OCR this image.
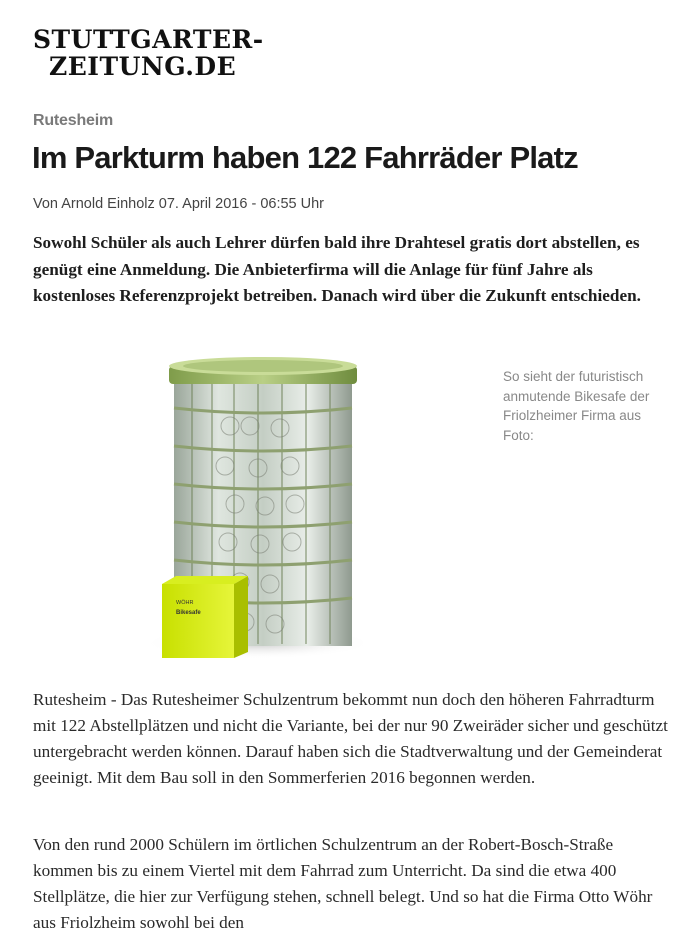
STUTTGARTER-
ZEITUNG.DE
Rutesheim
Im Parkturm haben 122 Fahrräder Platz
Von Arnold Einholz 07. April 2016 - 06:55 Uhr

Sowohl Schüler als auch Lehrer dürfen bald ihre Drahtesel gratis dort abstellen, es genügt eine Anmeldung. Die Anbieterfirma will die Anlage für fünf Jahre als kostenloses Referenzprojekt betreiben. Danach wird über die Zukunft entschieden.

WÖHR
Bikesafe
So sieht der futuristisch anmutende Bikesafe der Friolzheimer Firma aus Foto:

Rutesheim - Das Rutesheimer Schulzentrum bekommt nun doch den höheren Fahrradturm mit 122 Abstellplätzen und nicht die Variante, bei der nur 90 Zweiräder sicher und geschützt untergebracht werden können. Darauf haben sich die Stadtverwaltung und der Gemeinderat geeinigt. Mit dem Bau soll in den Sommerferien 2016 begonnen werden.

Von den rund 2000 Schülern im örtlichen Schulzentrum an der Robert-Bosch-Straße kommen bis zu einem Viertel mit dem Fahrrad zum Unterricht. Da sind die etwa 400 Stellplätze, die hier zur Verfügung stehen, schnell belegt. Und so hat die Firma Otto Wöhr aus Friolzheim sowohl bei den
